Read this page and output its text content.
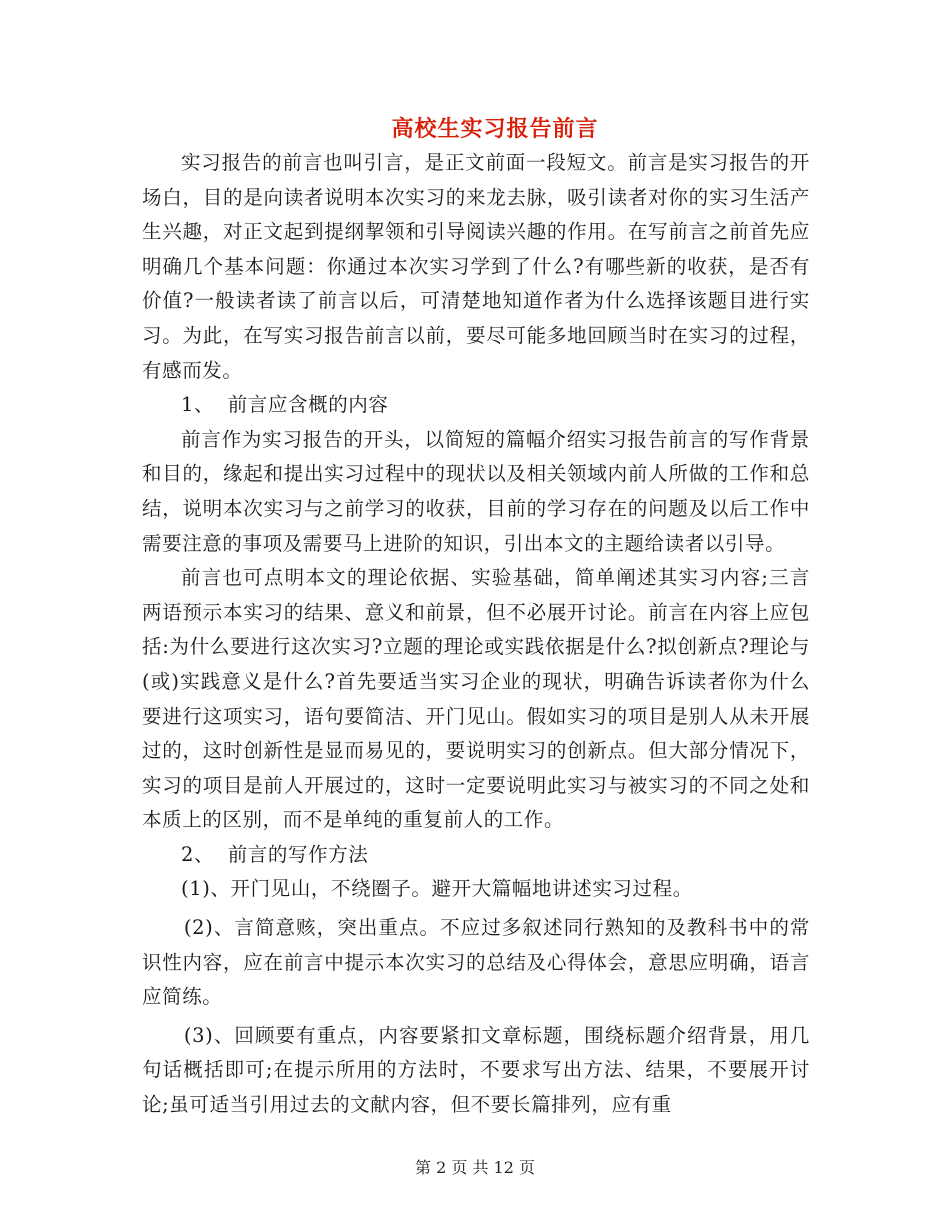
高校生实习报告前言

实习报告的前言也叫引言，是正文前面一段短文。前言是实习报告的开场白，目的是向读者说明本次实习的来龙去脉，吸引读者对你的实习生活产生兴趣，对正文起到提纲挈领和引导阅读兴趣的作用。在写前言之前首先应明确几个基本问题：你通过本次实习学到了什么?有哪些新的收获，是否有价值?一般读者读了前言以后，可清楚地知道作者为什么选择该题目进行实习。为此，在写实习报告前言以前，要尽可能多地回顾当时在实习的过程，有感而发。

1、  前言应含概的内容

前言作为实习报告的开头，以简短的篇幅介绍实习报告前言的写作背景和目的，缘起和提出实习过程中的现状以及相关领域内前人所做的工作和总结，说明本次实习与之前学习的收获，目前的学习存在的问题及以后工作中需要注意的事项及需要马上进阶的知识，引出本文的主题给读者以引导。

前言也可点明本文的理论依据、实验基础，简单阐述其实习内容;三言两语预示本实习的结果、意义和前景，但不必展开讨论。前言在内容上应包括:为什么要进行这次实习?立题的理论或实践依据是什么?拟创新点?理论与(或)实践意义是什么?首先要适当实习企业的现状，明确告诉读者你为什么要进行这项实习，语句要简洁、开门见山。假如实习的项目是别人从未开展过的，这时创新性是显而易见的，要说明实习的创新点。但大部分情况下，实习的项目是前人开展过的，这时一定要说明此实习与被实习的不同之处和本质上的区别，而不是单纯的重复前人的工作。

2、  前言的写作方法

(1)、开门见山，不绕圈子。避开大篇幅地讲述实习过程。

(2)、言简意赅，突出重点。不应过多叙述同行熟知的及教科书中的常识性内容，应在前言中提示本次实习的总结及心得体会，意思应明确，语言应简练。

(3)、回顾要有重点，内容要紧扣文章标题，围绕标题介绍背景，用几句话概括即可;在提示所用的方法时，不要求写出方法、结果，不要展开讨论;虽可适当引用过去的文献内容，但不要长篇排列，应有重

第 2 页 共 12 页
